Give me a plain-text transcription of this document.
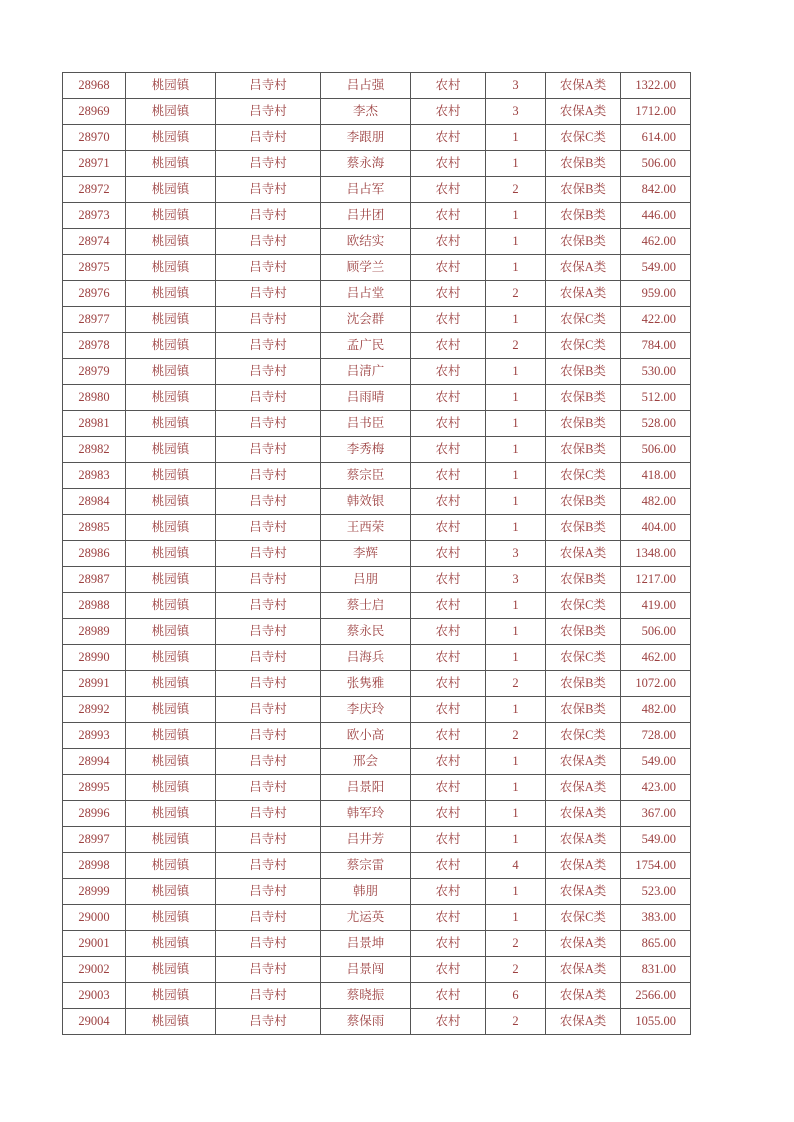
28968	桃园镇	吕寺村	吕占强	农村	3	农保A类	1322.00
28969	桃园镇	吕寺村	李杰	农村	3	农保A类	1712.00
28970	桃园镇	吕寺村	李跟朋	农村	1	农保C类	614.00
28971	桃园镇	吕寺村	蔡永海	农村	1	农保B类	506.00
28972	桃园镇	吕寺村	吕占军	农村	2	农保B类	842.00
28973	桃园镇	吕寺村	吕井团	农村	1	农保B类	446.00
28974	桃园镇	吕寺村	欧结实	农村	1	农保B类	462.00
28975	桃园镇	吕寺村	顾学兰	农村	1	农保A类	549.00
28976	桃园镇	吕寺村	吕占堂	农村	2	农保A类	959.00
28977	桃园镇	吕寺村	沈会群	农村	1	农保C类	422.00
28978	桃园镇	吕寺村	孟广民	农村	2	农保C类	784.00
28979	桃园镇	吕寺村	吕清广	农村	1	农保B类	530.00
28980	桃园镇	吕寺村	吕雨晴	农村	1	农保B类	512.00
28981	桃园镇	吕寺村	吕书臣	农村	1	农保B类	528.00
28982	桃园镇	吕寺村	李秀梅	农村	1	农保B类	506.00
28983	桃园镇	吕寺村	蔡宗臣	农村	1	农保C类	418.00
28984	桃园镇	吕寺村	韩效银	农村	1	农保B类	482.00
28985	桃园镇	吕寺村	王西荣	农村	1	农保B类	404.00
28986	桃园镇	吕寺村	李辉	农村	3	农保A类	1348.00
28987	桃园镇	吕寺村	吕朋	农村	3	农保B类	1217.00
28988	桃园镇	吕寺村	蔡士启	农村	1	农保C类	419.00
28989	桃园镇	吕寺村	蔡永民	农村	1	农保B类	506.00
28990	桃园镇	吕寺村	吕海兵	农村	1	农保C类	462.00
28991	桃园镇	吕寺村	张隽雅	农村	2	农保B类	1072.00
28992	桃园镇	吕寺村	李庆玲	农村	1	农保B类	482.00
28993	桃园镇	吕寺村	欧小高	农村	2	农保C类	728.00
28994	桃园镇	吕寺村	邢会	农村	1	农保A类	549.00
28995	桃园镇	吕寺村	吕景阳	农村	1	农保A类	423.00
28996	桃园镇	吕寺村	韩军玲	农村	1	农保A类	367.00
28997	桃园镇	吕寺村	吕井芳	农村	1	农保A类	549.00
28998	桃园镇	吕寺村	蔡宗雷	农村	4	农保A类	1754.00
28999	桃园镇	吕寺村	韩朋	农村	1	农保A类	523.00
29000	桃园镇	吕寺村	尤运英	农村	1	农保C类	383.00
29001	桃园镇	吕寺村	吕景坤	农村	2	农保A类	865.00
29002	桃园镇	吕寺村	吕景闯	农村	2	农保A类	831.00
29003	桃园镇	吕寺村	蔡晓振	农村	6	农保A类	2566.00
29004	桃园镇	吕寺村	蔡保雨	农村	2	农保A类	1055.00
